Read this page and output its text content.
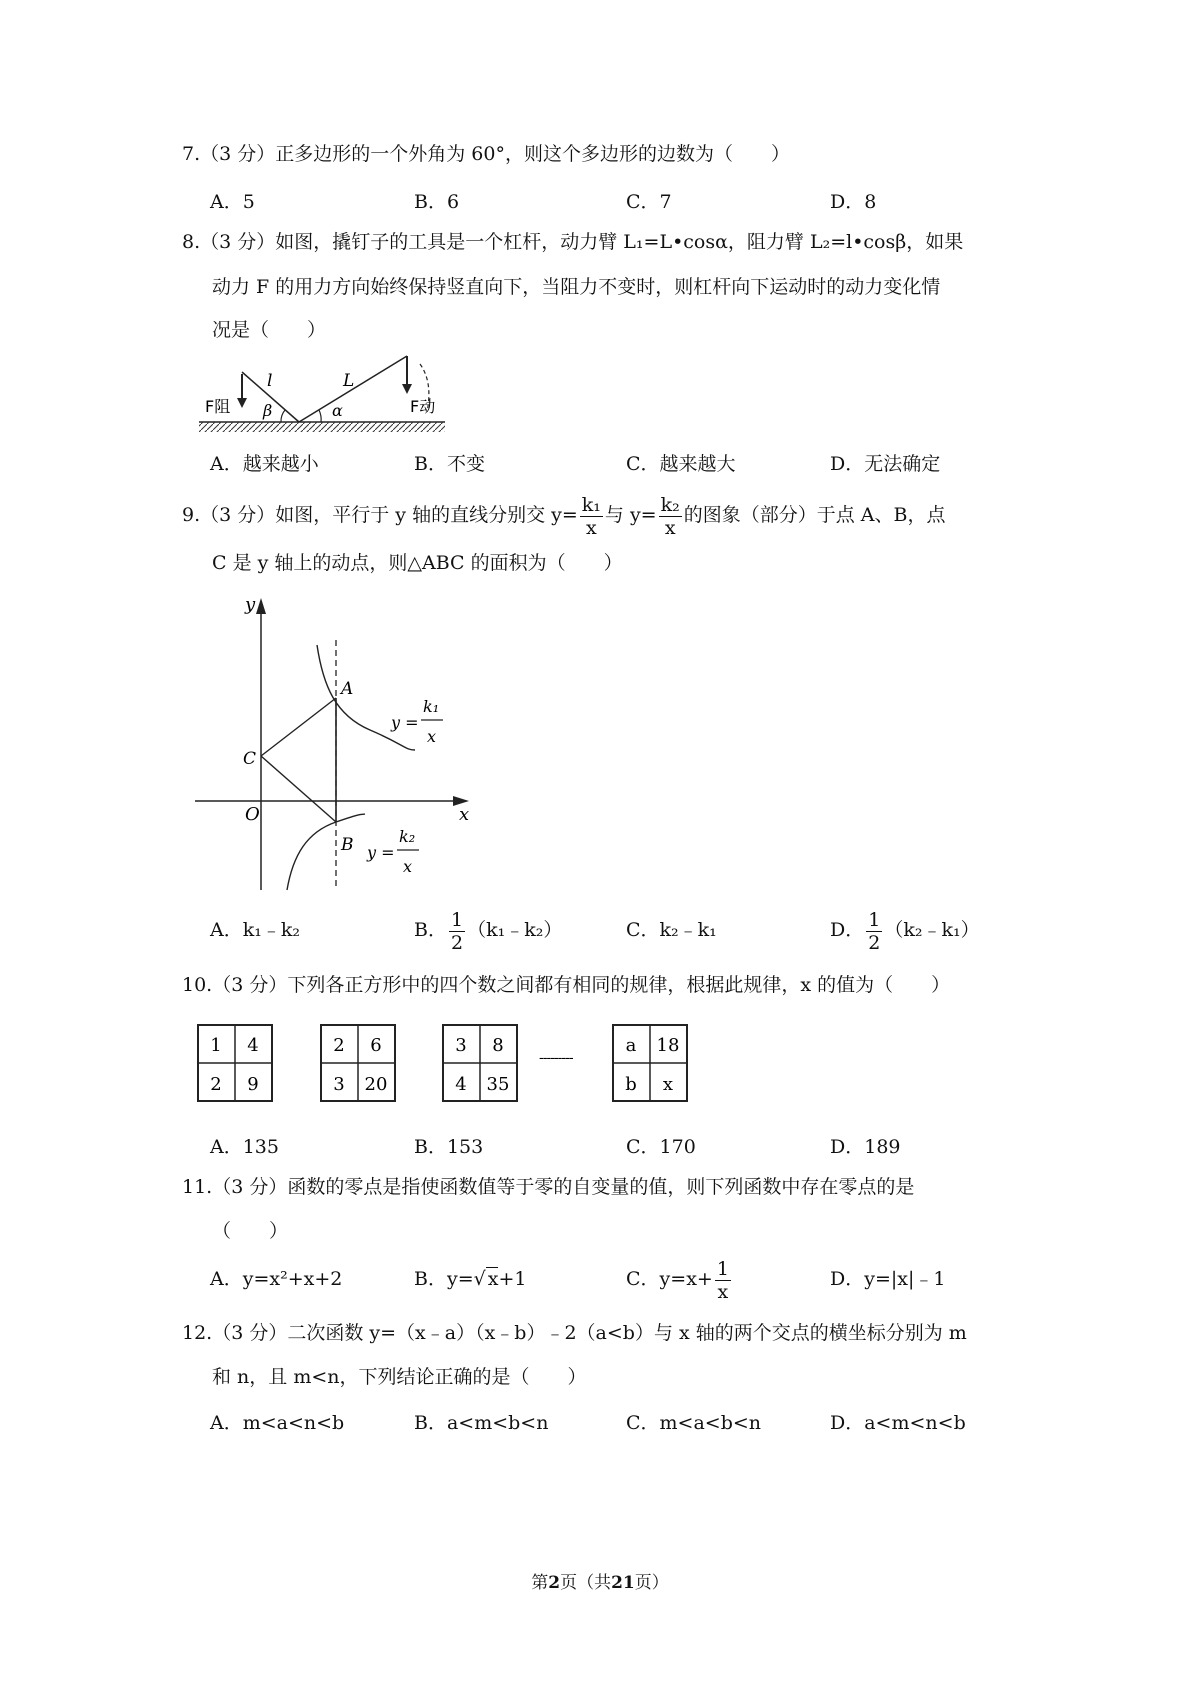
7.（3 分）正多边形的一个外角为 60°，则这个多边形的边数为（　　）
A．5	B．6	C．7	D．8
8.（3 分）如图，撬钉子的工具是一个杠杆，动力臂 L₁=L•cosα，阻力臂 L₂=l•cosβ，如果
动力 F 的用力方向始终保持竖直向下，当阻力不变时，则杠杆向下运动时的动力变化情
况是（　　）
F阻
l	L
β	α	F动
A．越来越小	B．不变	C．越来越大	D．无法确定
9.（3 分）如图，平行于 y 轴的直线分别交 $y= \frac{\text{k₁}}{x}$ 与 $y= \frac{\text{k₂}}{x}$ 的图象（部分）于点 A、B，点
C 是 y 轴上的动点，则△ABC 的面积为（　　）
y
x
O
A
B
C
y =
k₁
x
y =
k₂
x
A．k₁﹣k₂	B． $\frac{1}{2}$ （k₁﹣k₂）	C．k₂﹣k₁	D． $\frac{1}{2}$ （k₂﹣k₁）
10.（3 分）下列各正方形中的四个数之间都有相同的规律，根据此规律，x 的值为（　　）
1 4
2 9
2 6
3 20
3 8
4 35
---------
a 18
b x
A．135	B．153	C．170	D．189
11.（3 分）函数的零点是指使函数值等于零的自变量的值，则下列函数中存在零点的是
（　　）
A．y=x²+x+2	B．y=√ x+1	C．$y=x+ \frac{1}{x}$	D．y=|x|﹣1
12.（3 分）二次函数 y=（x﹣a）（x﹣b）﹣2（a<b）与 x 轴的两个交点的横坐标分别为 m
和 n，且 m<n，下列结论正确的是（　　）
A．m<a<n<b	B．a<m<b<n	C．m<a<b<n	D．a<m<n<b
第2页（共21页）
